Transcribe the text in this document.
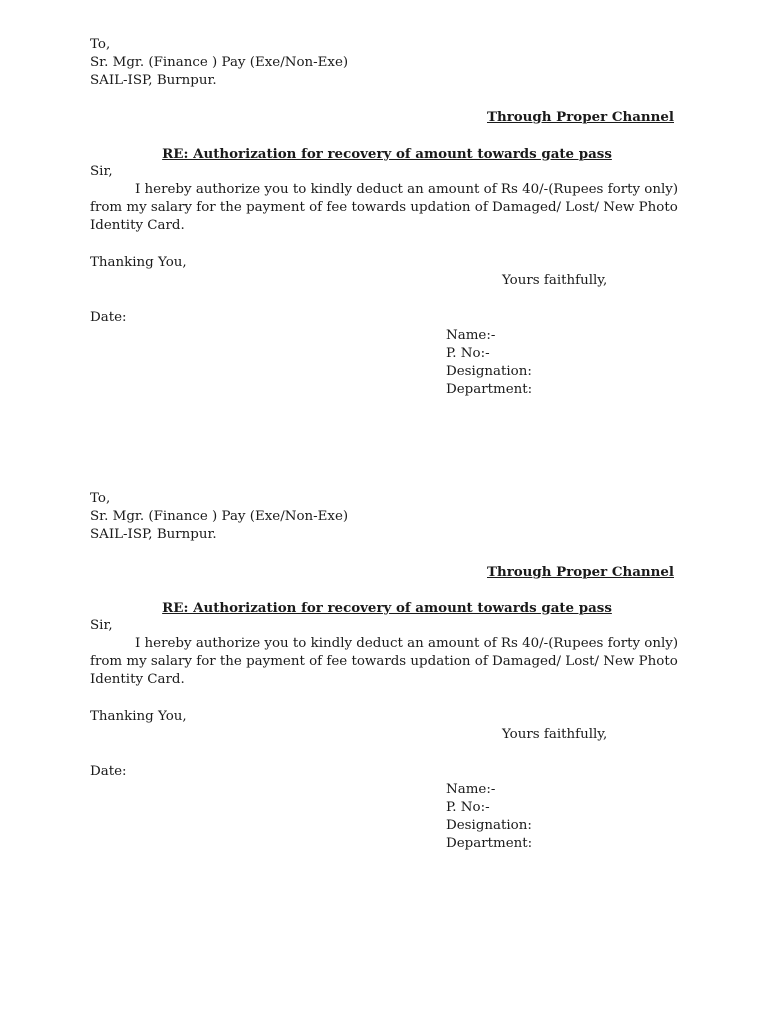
To,
Sr. Mgr. (Finance ) Pay (Exe/Non-Exe)
SAIL-ISP, Burnpur.
Through Proper Channel
RE: Authorization for recovery of amount towards gate pass
Sir,
I hereby authorize you to kindly deduct an amount of Rs 40/-(Rupees forty only)
from my salary for the payment of fee towards updation of Damaged/ Lost/ New Photo
Identity Card.
Thanking You,
Yours faithfully,
Date:
Name:-
P. No:-
Designation:
Department:
To,
Sr. Mgr. (Finance ) Pay (Exe/Non-Exe)
SAIL-ISP, Burnpur.
Through Proper Channel
RE: Authorization for recovery of amount towards gate pass
Sir,
I hereby authorize you to kindly deduct an amount of Rs 40/-(Rupees forty only)
from my salary for the payment of fee towards updation of Damaged/ Lost/ New Photo
Identity Card.
Thanking You,
Yours faithfully,
Date:
Name:-
P. No:-
Designation:
Department:
